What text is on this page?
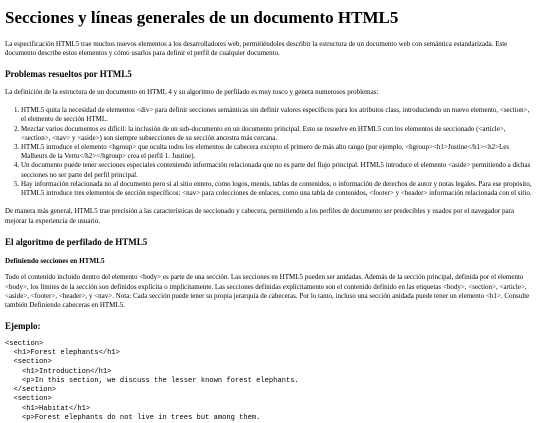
Secciones y líneas generales de un documento HTML5

La especificación HTML5 trae muchos nuevos elementos a los desarrolladores web, permitiéndoles describir la estructura de un documento web con semántica estandarizada. Este documento describe estos elementos y cómo usarlos para definir el perfil de cualquier documento.

Problemas resueltos por HTML5

La definición de la estructura de un documento en HTML 4 y su algoritmo de perfilado es muy tosco y genera numerosos problemas:

1. HTML5 quita la necesidad de elementos <div> para definir secciones semánticas sin definir valores específicos para los atributos class, introduciendo un nuevo elemento, <section>, el elemento de sección HTML.
2. Mezclar varios documentos es difícil: la inclusión de un sub-documento en un documento principal. Esto se resuelve en HTML5 con los elementos de seccionado (<article>, <section>, <nav> y <aside>) son siempre subsecciones de su sección ancestra más cercana.
3. HTML5 introduce el elemento <hgroup> que oculta todos los elementos de cabecera excepto el primero de más alto rango (por ejemplo, <hgroup><h1>Justine</h1><h2>Les Malheurs de la Vertu</h2></hgroup> crea el perfil 1. Justine).
4. Un documento puede tener secciones especiales conteniendo información relacionada que no es parte del flujo principal. HTML5 introduce el elemento <aside> permitiendo a dichas secciones no ser parte del perfil principal.
5. Hay información relacionada no al documento pero sí al sitio entero, como logos, menús, tablas de contenidos, o información de derechos de autor y notas legales. Para ese propósito, HTML5 introduce tres elementos de sección específicos: <nav> para colecciones de enlaces, como una tabla de contenidos, <footer> y <header> información relacionada con el sitio.

De manera más general, HTML5 trae precisión a las características de seccionado y cabecera, permitiendo a los perfiles de documento ser predecibles y usados por el navegador para mejorar la experiencia de usuario.

El algoritmo de perfilado de HTML5
Definiendo secciones en HTML5

Todo el contenido incluido dentro del elemento <body> es parte de una sección. Las secciones en HTML5 pueden ser anidadas. Además de la sección principal, definida por el elemento <body>, los límites de la sección son definidos explícita o implícitamente. Las secciones definidas explícitamente son el contenido definido en las etiquetas <body>, <section>, <article>, <aside>, <footer>, <header>, y <nav>. Nota: Cada sección puede tener su propia jerarquía de cabeceras. Por lo tanto, incluso una sección anidada puede tener un elemento <h1>. Consulte también Definiendo cabeceras en HTML5.

Ejemplo:
<section>
<h1>Forest elephants</h1>
<section>
<h1>Introduction</h1>
<p>In this section, we discuss the lesser known forest elephants.
</section>
<section>
<h1>Habitat</h1>
<p>Forest elephants do not live in trees but among them.
